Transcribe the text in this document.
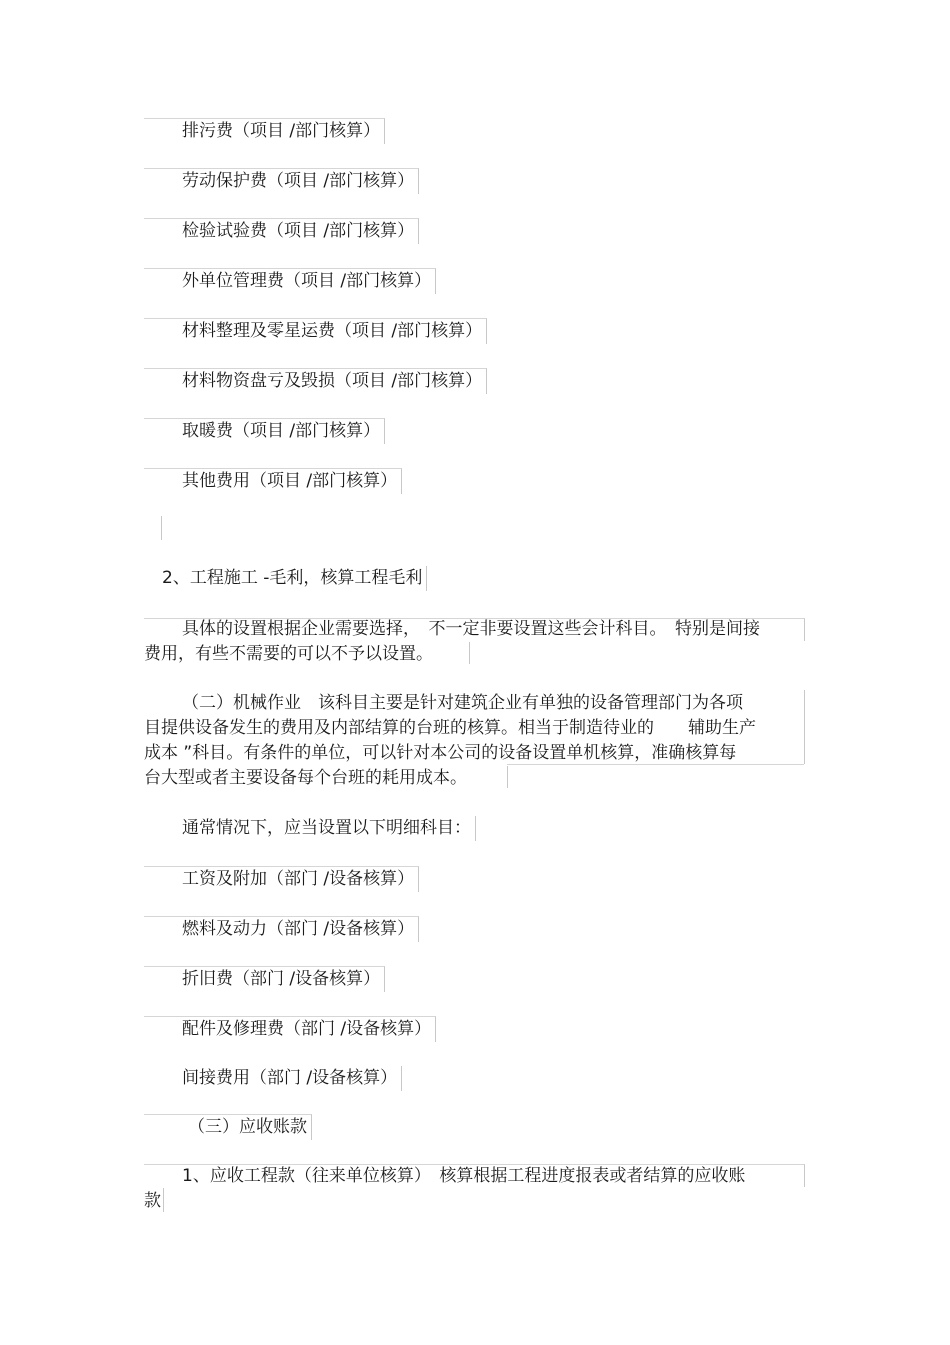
排污费（项目 /部门核算）
劳动保护费（项目 /部门核算）
检验试验费（项目 /部门核算）
外单位管理费（项目 /部门核算）
材料整理及零星运费（项目 /部门核算）
材料物资盘亏及毁损（项目 /部门核算）
取暖费（项目 /部门核算）
其他费用（项目 /部门核算）
2、工程施工 -毛利，核算工程毛利
具体的设置根据企业需要选择，　不一定非要设置这些会计科目。　特别是间接
费用，有些不需要的可以不予以设置。
（二）机械作业　该科目主要是针对建筑企业有单独的设备管理部门为各项
目提供设备发生的费用及内部结算的台班的核算。相当于制造待业的　　辅助生产
成本 ”科目。有条件的单位，可以针对本公司的设备设置单机核算，准确核算每
台大型或者主要设备每个台班的耗用成本。
通常情况下，应当设置以下明细科目：
工资及附加（部门 /设备核算）
燃料及动力（部门 /设备核算）
折旧费（部门 /设备核算）
配件及修理费（部门 /设备核算）
间接费用（部门 /设备核算）
（三）应收账款
1、应收工程款（往来单位核算）　核算根据工程进度报表或者结算的应收账
款
